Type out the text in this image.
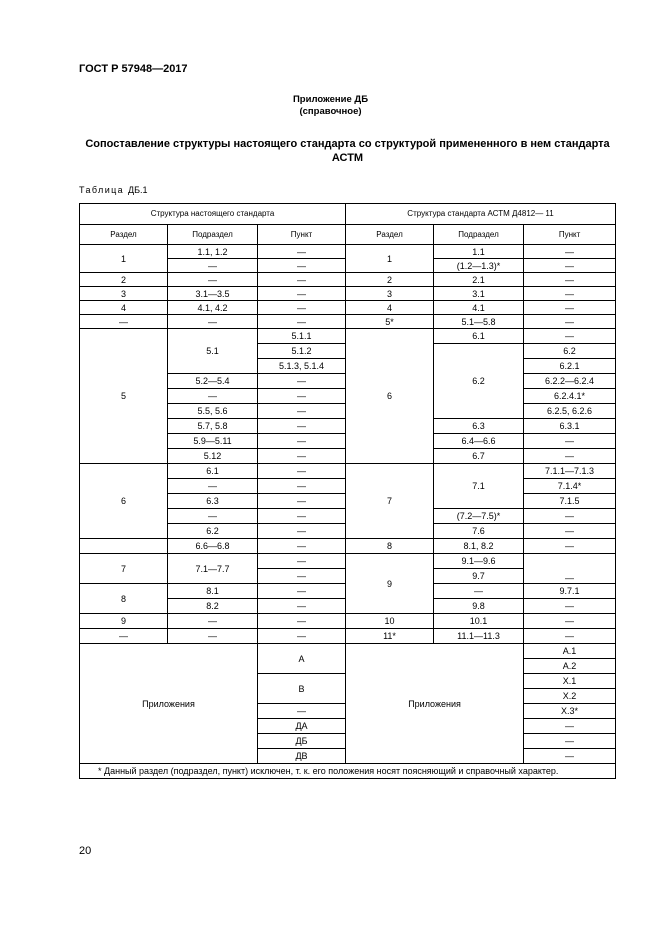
ГОСТ Р 57948—2017
Приложение ДБ
(справочное)
Сопоставление структуры настоящего стандарта со структурой примененного в нем стандарта АСТМ
Таблица ДБ.1
Структура настоящего стандарта			Структура стандарта АСТМ Д4812— 11		
Раздел	Подраздел	Пункт	Раздел	Подраздел	Пункт
1	1.1, 1.2	—	1	1.1	—
	—	—		(1.2—1.3)*	—
2	—	—	2	2.1	—
3	3.1—3.5	—	3	3.1	—
4	4.1, 4.2	—	4	4.1	—
—	—	—	5*	5.1—5.8	—
5	5.1	5.1.1	6	6.1	—
		5.1.2		6.2	6.2
		5.1.3, 5.1.4			6.2.1
	5.2—5.4	—			6.2.2—6.2.4
	—	—			6.2.4.1*
	5.5, 5.6	—			6.2.5, 6.2.6
	5.7, 5.8	—		6.3	6.3.1

	5.9—5.11	—		6.4—6.6	—
	5.12	—		6.7	—
6	6.1	—	7	7.1	7.1.1—7.1.3
	—	—			7.1.4*
	6.3	—			7.1.5
	—	—		(7.2—7.5)*	—
	6.2	—		7.6	—
	6.6—6.8	—	8	8.1, 8.2	—
7	7.1—7.7	—	9	9.1—9.6	—
		—		9.7	
8	8.1	—		—	9.7.1
	8.2	—		9.8	—
9	—	—	10	10.1	—
—	—	—	11*	11.1—11.3	—
Приложения		А	Приложения		А.1
					А.2
		В			Х.1
					Х.2
		—			Х.3*
		ДА			—
		ДБ			—
		ДВ			—
* Данный раздел (подраздел, пункт) исключен, т. к. его положения носят поясняющий и справочный характер.					
20
